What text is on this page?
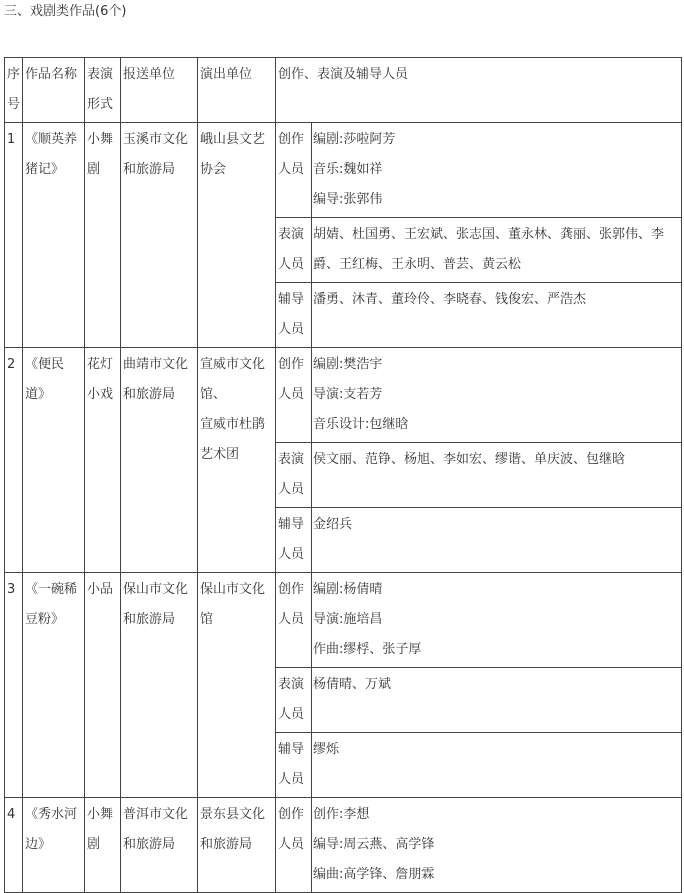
三、戏剧类作品(6个)
序号	作品名称	表演形式	报送单位	演出单位	创作、表演及辅导人员	
1	《顺英养猪记》	小舞剧	玉溪市文化和旅游局	峨山县文艺协会	创作人员	编剧:莎啦阿芳
音乐:魏如祥
编导:张郭伟

					表演人员	胡婧、杜国勇、王宏斌、张志国、董永林、龚丽、张郭伟、李爵、王红梅、王永明、普芸、黄云松
					辅导人员	潘勇、沐青、董玲伶、李晓春、钱俊宏、严浩杰
2	《便民道》	花灯小戏	曲靖市文化和旅游局	宣威市文化馆、
宣威市杜鹃艺术团	创作人员	编剧:樊浩宇
导演:支若芳
音乐设计:包继晗

					表演人员	侯文丽、范铮、杨旭、李如宏、缪谐、单庆波、包继晗
					辅导人员	金绍兵
3	《一碗稀豆粉》	小品	保山市文化和旅游局	保山市文化馆	创作人员	编剧:杨倩晴
导演:施培昌
作曲:缪桴、张子厚

					表演人员	杨倩晴、万斌
					辅导人员	缪烁
4	《秀水河边》	小舞剧	普洱市文化和旅游局	景东县文化和旅游局	创作人员	创作:李想
编导:周云燕、高学锋
编曲:高学锋、詹朋霖
